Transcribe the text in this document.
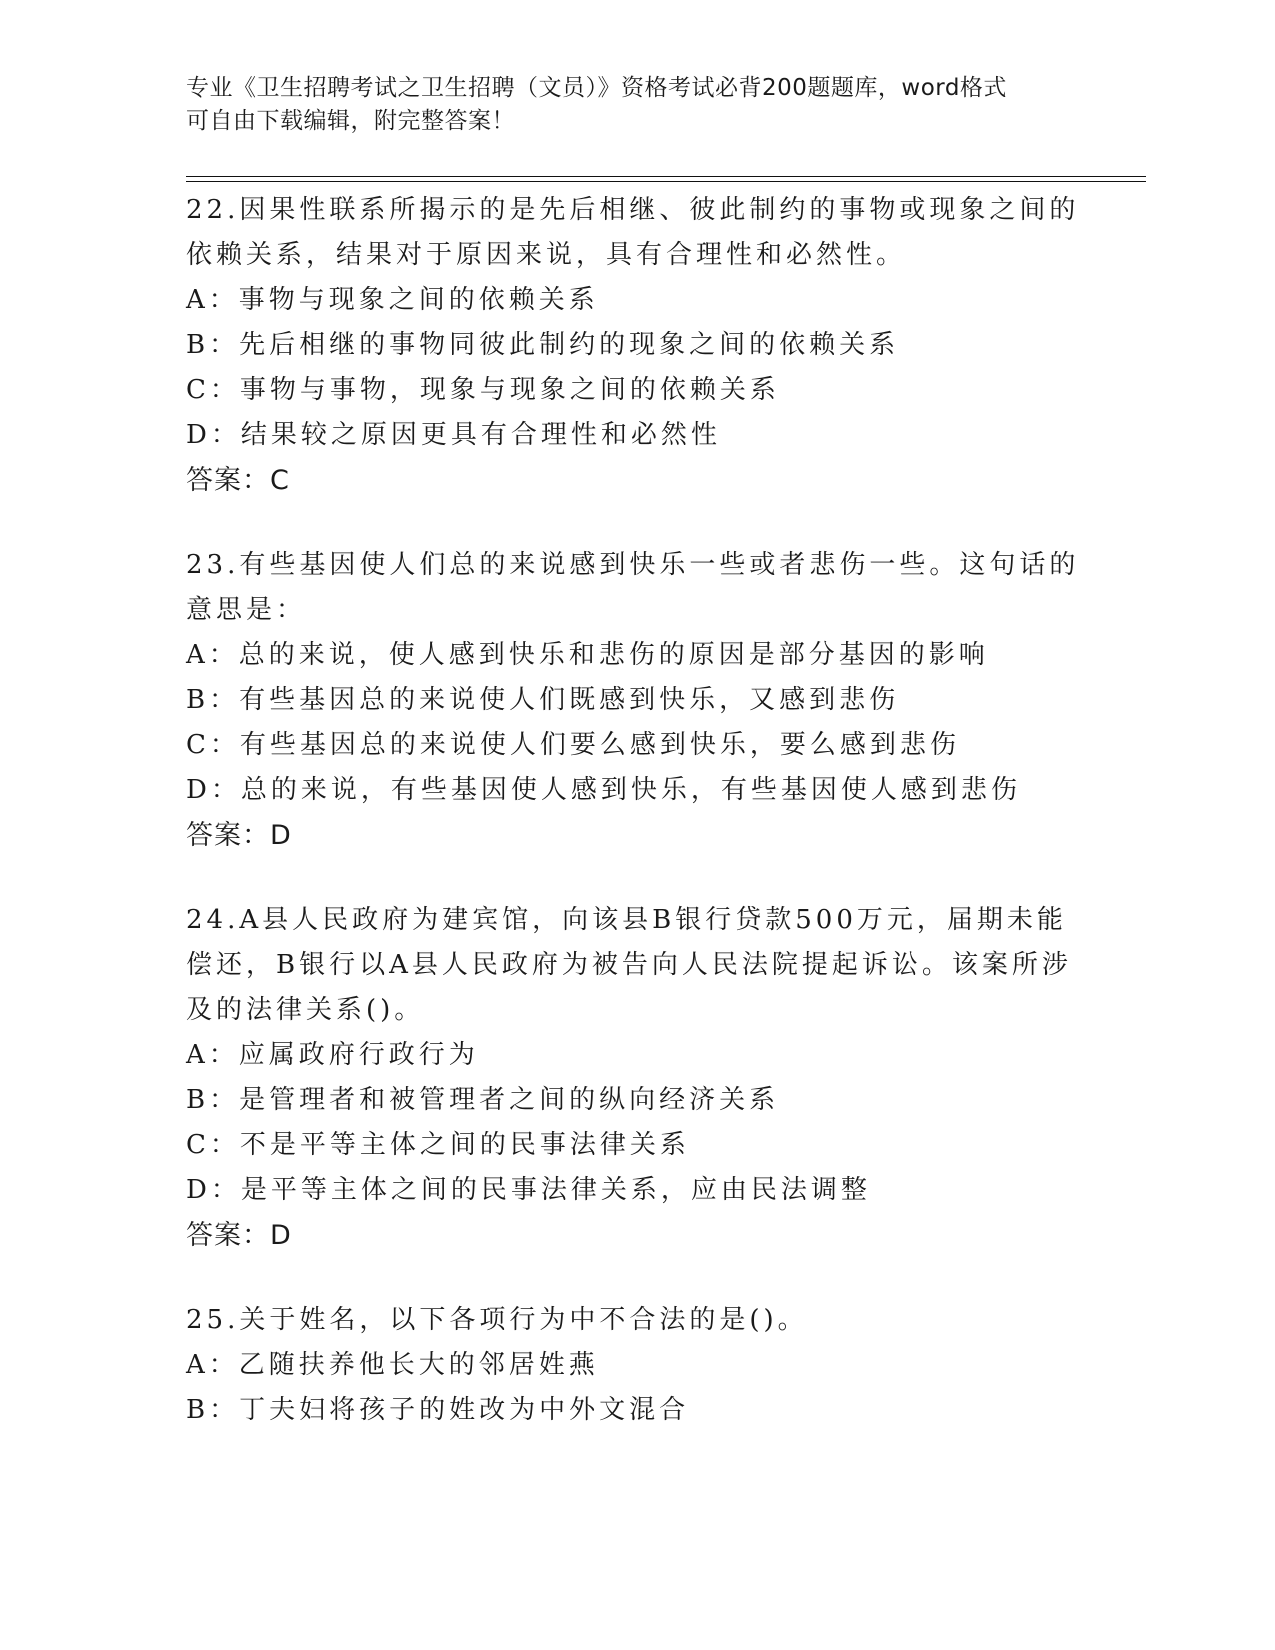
专业《卫生招聘考试之卫生招聘（文员）》资格考试必背200题题库，word格式
可自由下载编辑，附完整答案！

22.因果性联系所揭示的是先后相继、彼此制约的事物或现象之间的依赖关系，结果对于原因来说，具有合理性和必然性。

A：事物与现象之间的依赖关系

B：先后相继的事物同彼此制约的现象之间的依赖关系

C：事物与事物，现象与现象之间的依赖关系

D：结果较之原因更具有合理性和必然性

答案：C

23.有些基因使人们总的来说感到快乐一些或者悲伤一些。这句话的意思是：

A：总的来说，使人感到快乐和悲伤的原因是部分基因的影响

B：有些基因总的来说使人们既感到快乐，又感到悲伤

C：有些基因总的来说使人们要么感到快乐，要么感到悲伤

D：总的来说，有些基因使人感到快乐，有些基因使人感到悲伤

答案：D

24.A县人民政府为建宾馆，向该县B银行贷款500万元，届期未能偿还，B银行以A县人民政府为被告向人民法院提起诉讼。该案所涉及的法律关系()。

A：应属政府行政行为

B：是管理者和被管理者之间的纵向经济关系

C：不是平等主体之间的民事法律关系

D：是平等主体之间的民事法律关系，应由民法调整

答案：D

25.关于姓名，以下各项行为中不合法的是()。

A：乙随扶养他长大的邻居姓燕

B：丁夫妇将孩子的姓改为中外文混合
